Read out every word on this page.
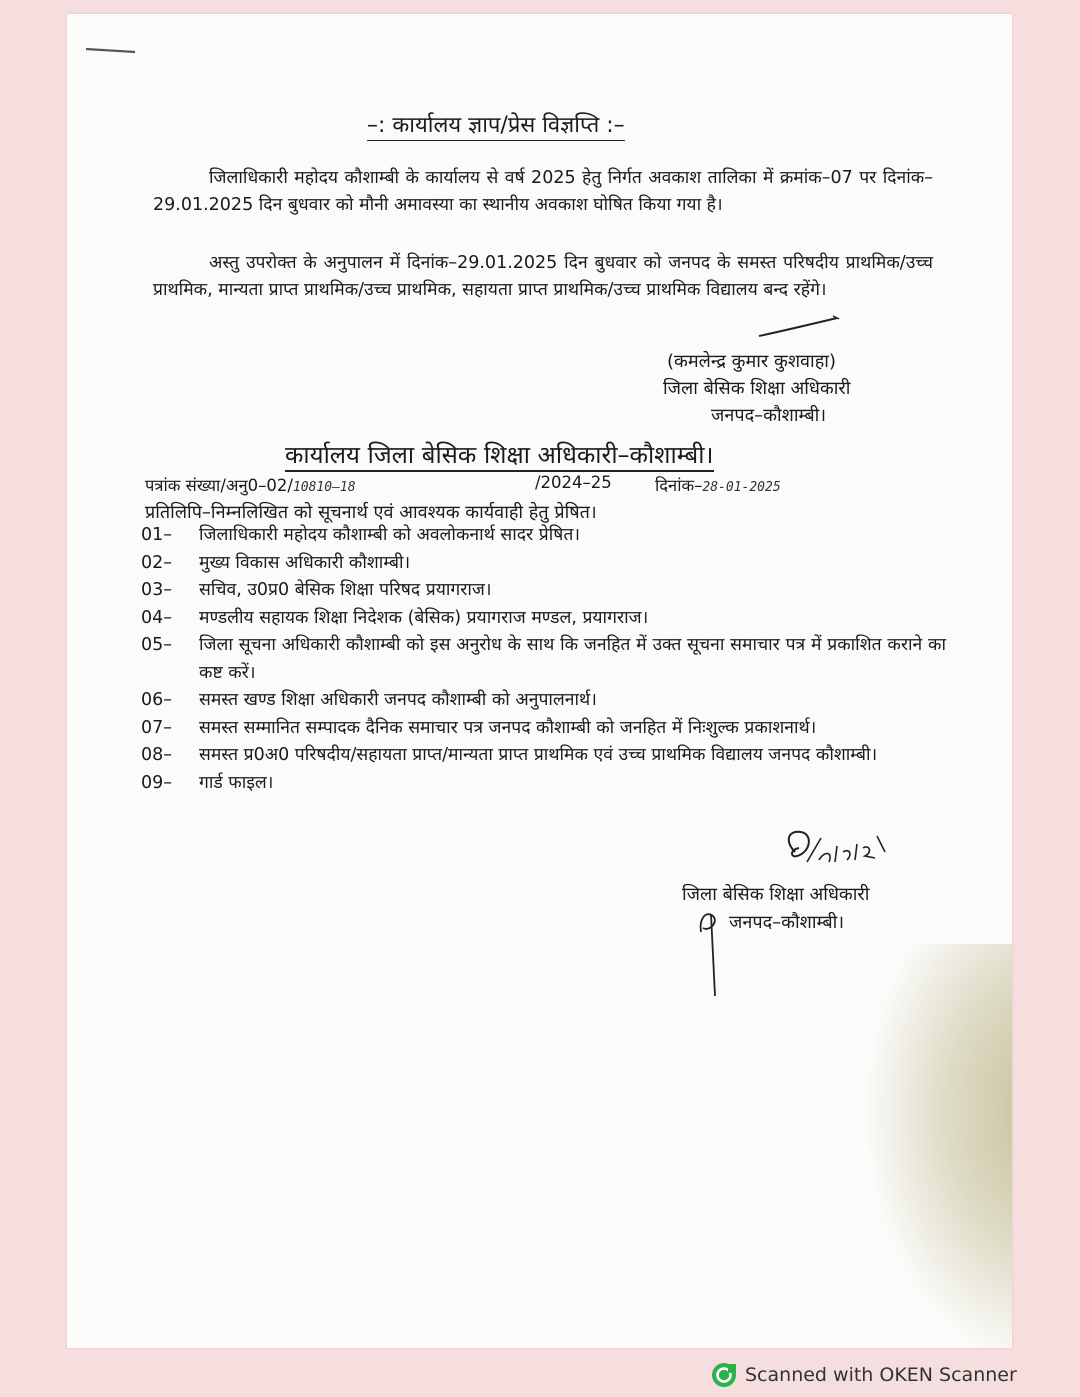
–: कार्यालय ज्ञाप/प्रेस विज्ञप्ति :–
जिलाधिकारी महोदय कौशाम्बी के कार्यालय से वर्ष 2025 हेतु निर्गत अवकाश तालिका में क्रमांक–07 पर दिनांक–29.01.2025 दिन बुधवार को मौनी अमावस्या का स्थानीय अवकाश घोषित किया गया है।
अस्तु उपरोक्त के अनुपालन में दिनांक–29.01.2025 दिन बुधवार को जनपद के समस्त परिषदीय प्राथमिक/उच्च प्राथमिक, मान्यता प्राप्त प्राथमिक/उच्च प्राथमिक, सहायता प्राप्त प्राथमिक/उच्च प्राथमिक विद्यालय बन्द रहेंगे।
(कमलेन्द्र कुमार कुशवाहा)
जिला बेसिक शिक्षा अधिकारी
जनपद–कौशाम्बी।
कार्यालय जिला बेसिक शिक्षा अधिकारी–कौशाम्बी।
पत्रांक संख्या/अनु0–02/10810–18	/2024–25	दिनांक–28-01-2025
प्रतिलिपि–निम्नलिखित को सूचनार्थ एवं आवश्यक कार्यवाही हेतु प्रेषित।
01–	जिलाधिकारी महोदय कौशाम्बी को अवलोकनार्थ सादर प्रेषित।
02–	मुख्य विकास अधिकारी कौशाम्बी।
03–	सचिव, उ0प्र0 बेसिक शिक्षा परिषद प्रयागराज।
04–	मण्डलीय सहायक शिक्षा निदेशक (बेसिक) प्रयागराज मण्डल, प्रयागराज।
05–	जिला सूचना अधिकारी कौशाम्बी को इस अनुरोध के साथ कि जनहित में उक्त सूचना समाचार पत्र में प्रकाशित कराने का कष्ट करें।
06–	समस्त खण्ड शिक्षा अधिकारी जनपद कौशाम्बी को अनुपालनार्थ।
07–	समस्त सम्मानित सम्पादक दैनिक समाचार पत्र जनपद कौशाम्बी को जनहित में निःशुल्क प्रकाशनार्थ।
08–	समस्त प्र0अ0 परिषदीय/सहायता प्राप्त/मान्यता प्राप्त प्राथमिक एवं उच्च प्राथमिक विद्यालय जनपद कौशाम्बी।
09–	गार्ड फाइल।
जिला बेसिक शिक्षा अधिकारी
जनपद–कौशाम्बी।
Scanned with OKEN Scanner
